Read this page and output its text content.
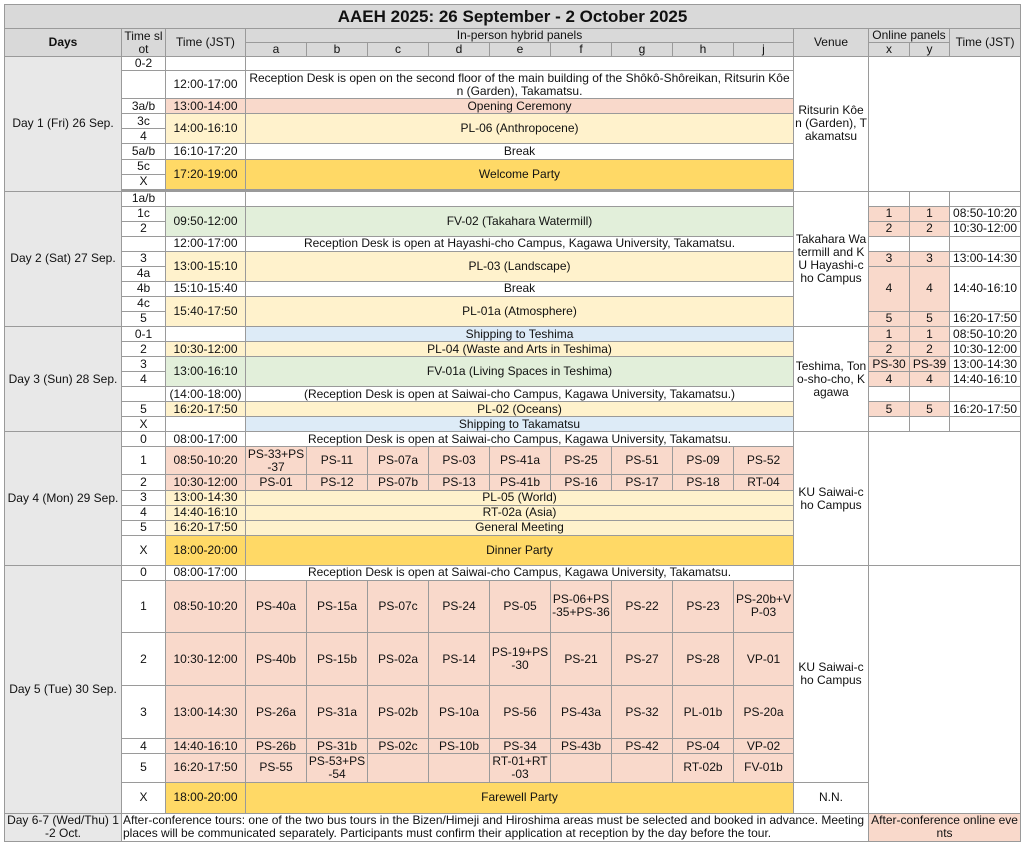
AAEH 2025: 26 September - 2 October 2025															
Days	Time slot	Time (JST)	In-person hybrid panels									Venue	Online panels		Time (JST)
			a	b	c	d	e	f	g	h	j		x	y	
Day 1 (Fri) 26 Sep.	0-2											Ritsurin Kôen (Garden), Takamatsu			
		12:00-17:00	Reception Desk is open on the second floor of the main building of the Shôkô-Shôreikan, Ritsurin Kôen (Garden), Takamatsu.												
	3a/b	13:00-14:00	Opening Ceremony												
	3c	14:00-16:10	PL-06 (Anthropocene)												
	4														
	5a/b	16:10-17:20	Break												
	5c	17:20-19:00	Welcome Party												
	X														

Day 2 (Sat) 27 Sep.	1a/b											Takahara Watermill and KU Hayashi-cho Campus			
	1c	09:50-12:00	FV-02 (Takahara Watermill)										1	1	08:50-10:20
	2												2	2	10:30-12:00
		12:00-17:00	Reception Desk is open at Hayashi-cho Campus, Kagawa University, Takamatsu.												
	3	13:00-15:10	PL-03 (Landscape)										3	3	13:00-14:30
	4a												4	4	14:40-16:10
	4b	15:10-15:40	Break												
	4c	15:40-17:50	PL-01a (Atmosphere)												
	5												5	5	16:20-17:50
Day 3 (Sun) 28 Sep.	0-1		Shipping to Teshima									Teshima, Tono-sho-cho, Kagawa	1	1	08:50-10:20
	2	10:30-12:00	PL-04 (Waste and Arts in Teshima)										2	2	10:30-12:00
	3	13:00-16:10	FV-01a (Living Spaces in Teshima)										PS-30	PS-39	13:00-14:30
	4												4	4	14:40-16:10
		(14:00-18:00)	(Reception Desk is open at Saiwai-cho Campus, Kagawa University, Takamatsu.)												
	5	16:20-17:50	PL-02 (Oceans)										5	5	16:20-17:50
	X		Shipping to Takamatsu												
Day 4 (Mon) 29 Sep.	0	08:00-17:00	Reception Desk is open at Saiwai-cho Campus, Kagawa University, Takamatsu.									KU Saiwai-cho Campus			
	1	08:50-10:20	PS-33+PS-37	PS-11	PS-07a	PS-03	PS-41a	PS-25	PS-51	PS-09	PS-52				
	2	10:30-12:00	PS-01	PS-12	PS-07b	PS-13	PS-41b	PS-16	PS-17	PS-18	RT-04				
	3	13:00-14:30	PL-05 (World)												
	4	14:40-16:10	RT-02a (Asia)												
	5	16:20-17:50	General Meeting												
	X	18:00-20:00	Dinner Party												
Day 5 (Tue) 30 Sep.	0	08:00-17:00	Reception Desk is open at Saiwai-cho Campus, Kagawa University, Takamatsu.									KU Saiwai-cho Campus			
	1	08:50-10:20	PS-40a	PS-15a	PS-07c	PS-24	PS-05	PS-06+PS-35+PS-36	PS-22	PS-23	PS-20b+VP-03				
	2	10:30-12:00	PS-40b	PS-15b	PS-02a	PS-14	PS-19+PS-30	PS-21	PS-27	PS-28	VP-01				
	3	13:00-14:30	PS-26a	PS-31a	PS-02b	PS-10a	PS-56	PS-43a	PS-32	PL-01b	PS-20a				
	4	14:40-16:10	PS-26b	PS-31b	PS-02c	PS-10b	PS-34	PS-43b	PS-42	PS-04	VP-02				
	5	16:20-17:50	PS-55	PS-53+PS-54			RT-01+RT-03			RT-02b	FV-01b				
	X	18:00-20:00	Farewell Party									N.N.			
Day 6-7 (Wed/Thu) 1-2 Oct.	After-conference tours: one of the two bus tours in the Bizen/Himeji and Hiroshima areas must be selected and booked in advance. Meeting places will be communicated separately. Participants must confirm their application at reception by the day before the tour.												After-conference online events		
